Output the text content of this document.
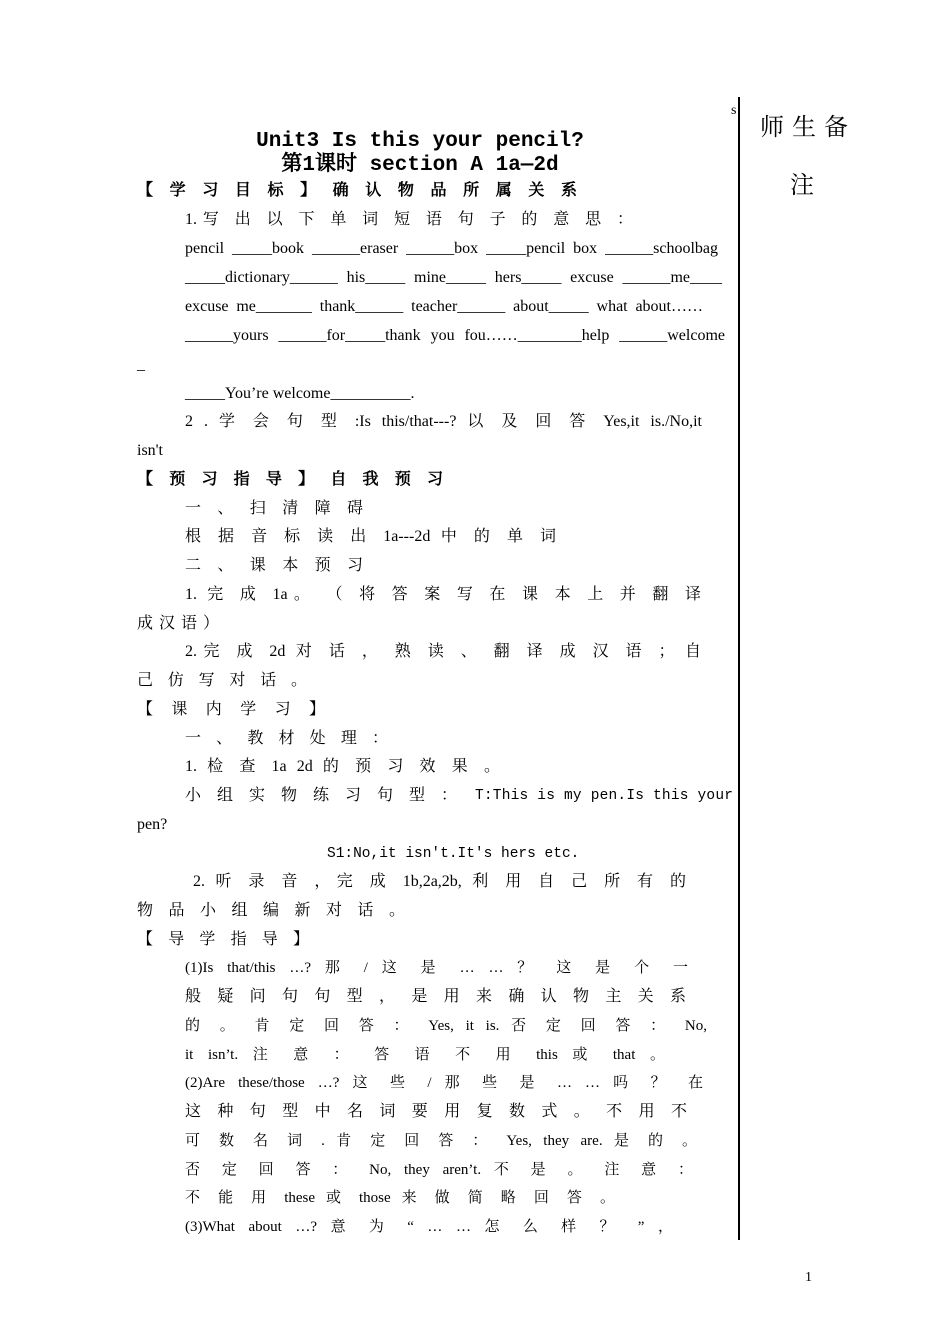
s
师生备
注
Unit3 Is this your pencil?
第1课时 section A 1a—2d
【 学 习 目 标 】 确 认 物 品 所 属 关 系
1.写 出 以 下 单 词 短 语 句 子 的 意 思 ：
pencil _____book ______eraser ______box _____pencil box ______schoolbag
_____dictionary______ his_____ mine_____ hers_____ excuse ______me____
excuse me_______ thank______ teacher______ about_____ what about……
______yours ______for_____thank you fou……________help ______welcome
_
_____You’re welcome__________.
2 . 学 会 句 型 :Is this/that---? 以 及 回 答 Yes,it is./No,it
isn't
【 预 习 指 导 】 自 我 预 习
一 、 扫 清 障 碍
根 据 音 标 读 出 1a---2d 中 的 单 词
二 、 课 本 预 习
1. 完 成 1a。 （ 将 答 案 写 在 课 本 上 并 翻 译
成 汉 语 ）
2.完 成 2d 对 话 ， 熟 读 、 翻 译 成 汉 语 ； 自
己 仿 写 对 话 。
【 课 内 学 习 】
一 、 教 材 处 理 ：
1. 检 查 1a 2d 的 预 习 效 果 。
小 组 实 物 练 习 句 型 ： T:This is my pen.Is this your
pen?
S1:No,it isn't.It's hers etc.
2. 听 录 音 ，完 成 1b,2a,2b, 利 用 自 己 所 有 的
物 品 小 组 编 新 对 话 。
【 导 学 指 导 】
(1)Is that/this …? 那 / 这 是 … … ？ 这 是 个 一
般 疑 问 句 句 型 ， 是 用 来 确 认 物 主 关 系
的 。 肯 定 回 答 ： Yes, it is. 否 定 回 答 ： No,
it isn’t. 注 意 ： 答 语 不 用 this 或 that 。
(2)Are these/those …? 这 些 / 那 些 是 … … 吗 ？ 在
这 种 句 型 中 名 词 要 用 复 数 式 。 不 用 不
可 数 名 词 . 肯 定 回 答 ： Yes, they are. 是 的 。
否 定 回 答 ： No, they aren’t. 不 是 。 注 意 ：
不 能 用 these 或 those 来 做 简 略 回 答 。
(3)What about …? 意 为 “ … … 怎 么 样 ？ ” ，
1
